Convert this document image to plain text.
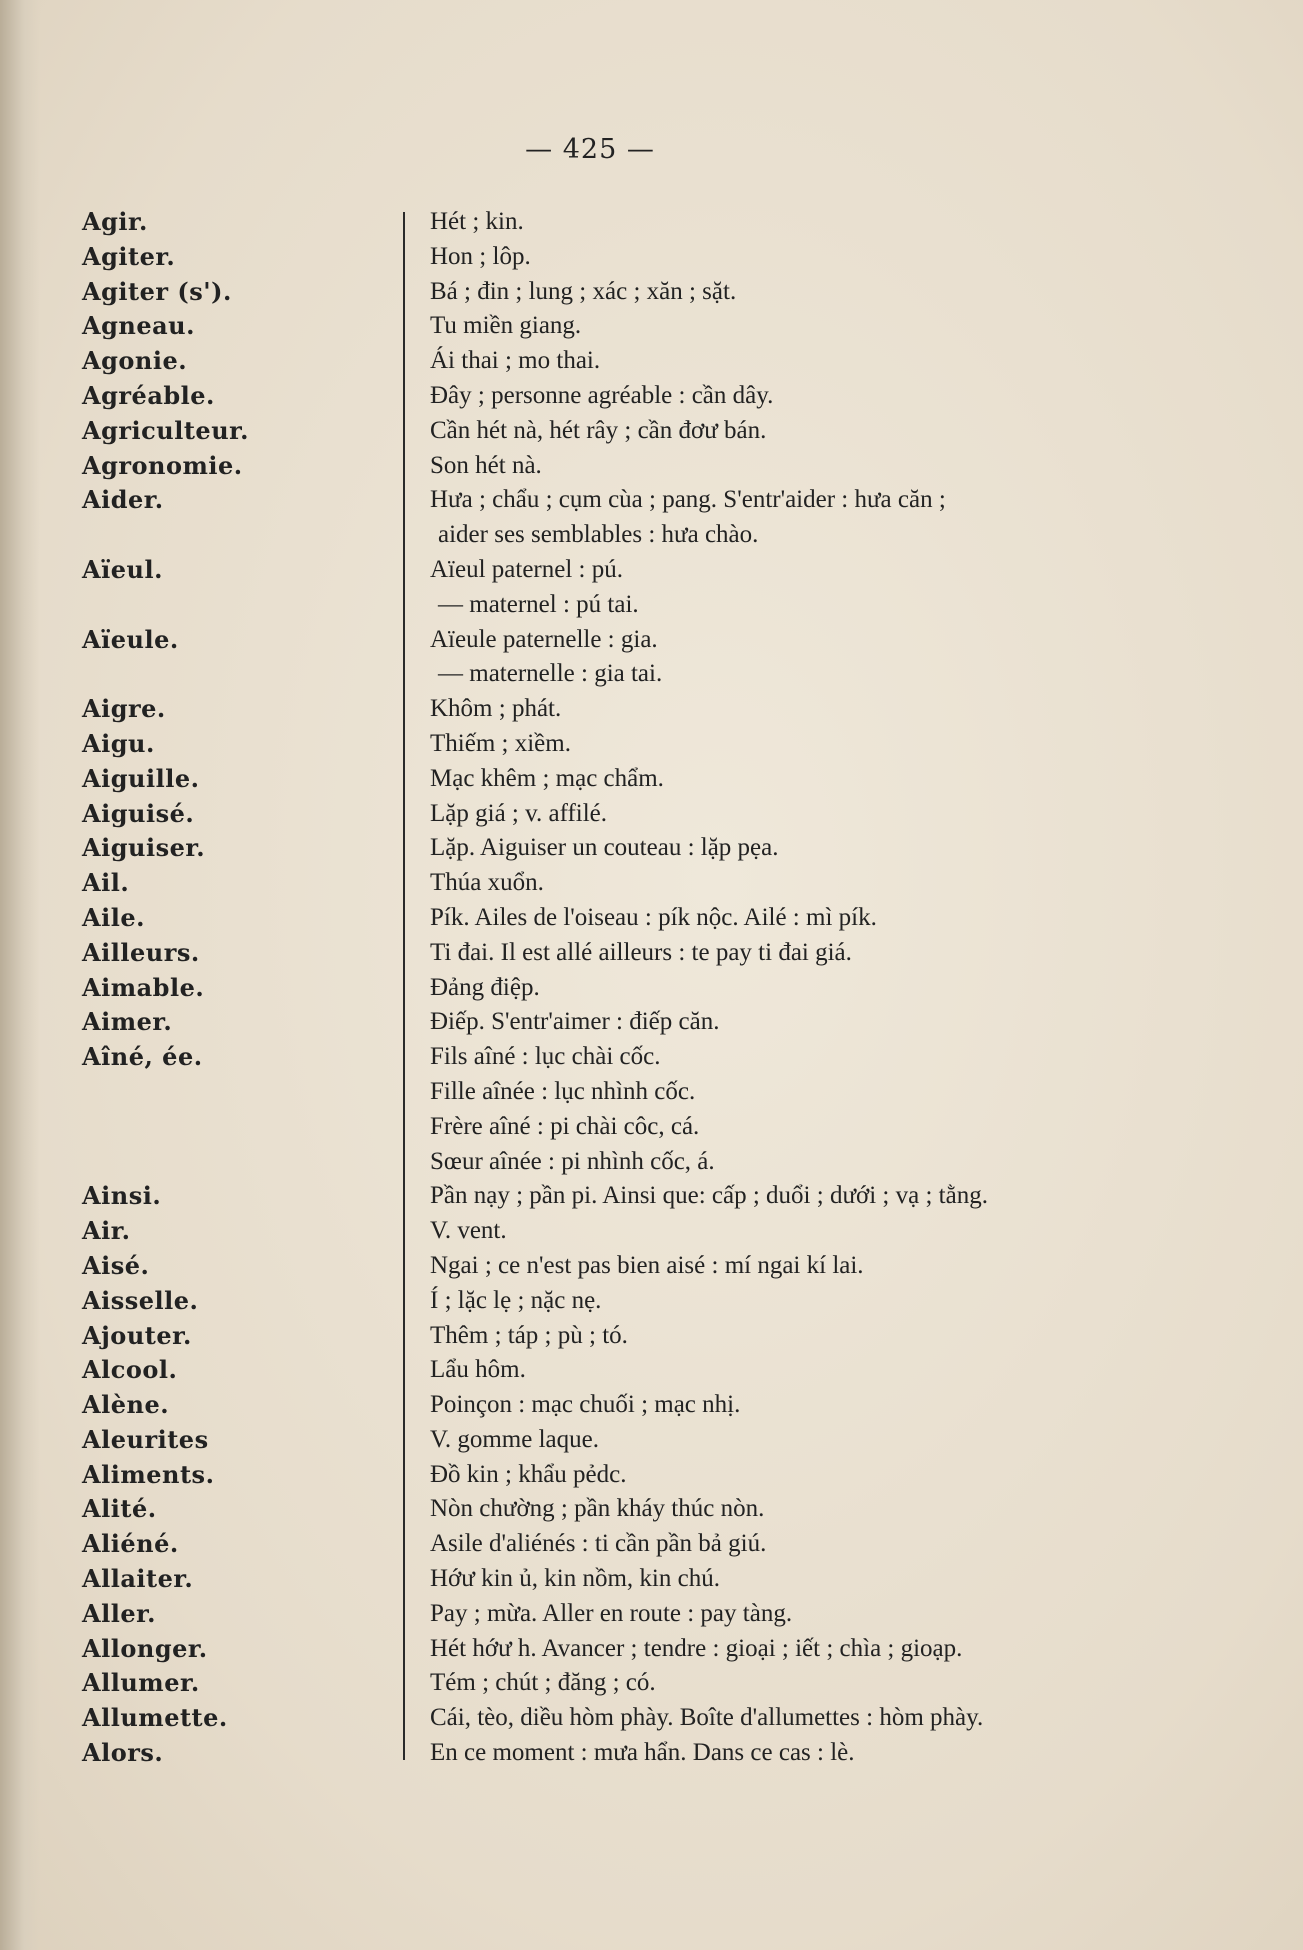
— 425 —
Agir.	Hét ; kin.
Agiter.	Hon ; lôp.
Agiter (s').	Bá ; đin ; lung ; xác ; xăn ; sặt.
Agneau.	Tu miền giang.
Agonie.	Ái thai ; mo thai.
Agréable.	Đây ; personne agréable : cần dây.
Agriculteur.	Cần hét nà, hét rây ; cần đơư bán.
Agronomie.	Son hét nà.
Aider.	Hưa ; chẩu ; cụm cùa ; pang. S'entr'aider : hưa căn ;
aider ses semblables : hưa chào.
Aïeul.	Aïeul paternel : pú.
— maternel : pú tai.
Aïeule.	Aïeule paternelle : gia.
— maternelle : gia tai.
Aigre.	Khôm ; phát.
Aigu.	Thiếm ; xiềm.
Aiguille.	Mạc khêm ; mạc chẩm.
Aiguisé.	Lặp giá ; v. affilé.
Aiguiser.	Lặp. Aiguiser un couteau : lặp pẹa.
Ail.	Thúa xuổn.
Aile.	Pík. Ailes de l'oiseau : pík nộc. Ailé : mì pík.
Ailleurs.	Ti đai. Il est allé ailleurs : te pay ti đai giá.
Aimable.	Đảng điệp.
Aimer.	Điếp. S'entr'aimer : điếp căn.
Aîné, ée.	Fils aîné : lục chài cốc.
Fille aînée : lục nhình cốc.
Frère aîné : pi chài côc, cá.
Sœur aînée : pi nhình cốc, á.
Ainsi.	Pần nạy ; pần pi. Ainsi que: cấp ; duổi ; dưới ; vạ ; tằng.
Air.	V. vent.
Aisé.	Ngai ; ce n'est pas bien aisé : mí ngai kí lai.
Aisselle.	Í ; lặc lẹ ; nặc nẹ.
Ajouter.	Thêm ; táp ; pù ; tó.
Alcool.	Lẩu hôm.
Alène.	Poinçon : mạc chuối ; mạc nhị.
Aleurites	V. gomme laque.
Aliments.	Đồ kin ; khẩu pẻdc.
Alité.	Nòn chường ; pần kháy thúc nòn.
Aliéné.	Asile d'aliénés : ti cần pần bả giú.
Allaiter.	Hớư kin ủ, kin nồm, kin chú.
Aller.	Pay ; mừa. Aller en route : pay tàng.
Allonger.	Hét hớư h. Avancer ; tendre : gioại ; iết ; chìa ; gioạp.
Allumer.	Tém ; chút ; đăng ; có.
Allumette.	Cái, tèo, diều hòm phày. Boîte d'allumettes : hòm phày.
Alors.	En ce moment : mưa hẩn. Dans ce cas : lè.
